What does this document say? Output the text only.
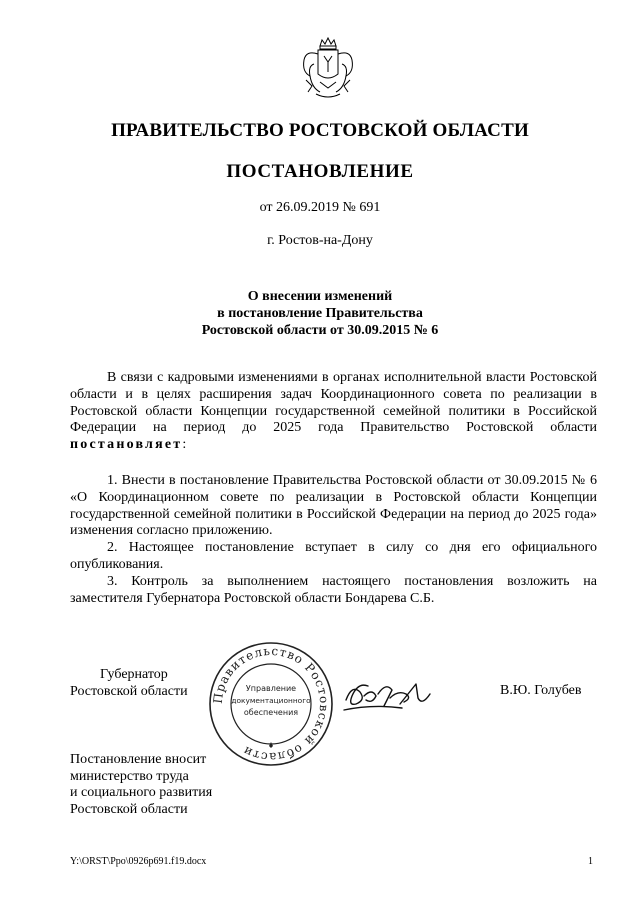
ПРАВИТЕЛЬСТВО РОСТОВСКОЙ ОБЛАСТИ
ПОСТАНОВЛЕНИЕ
от 26.09.2019 № 691
г. Ростов-на-Дону
О внесении изменений
в постановление Правительства
Ростовской области от 30.09.2015 № 6

В связи с кадровыми изменениями в органах исполнительной власти Ростовской области и в целях расширения задач Координационного совета по реализации в Ростовской области Концепции государственной семейной политики в Российской Федерации на период до 2025 года Правительство Ростовской области постановляет:

1. Внести в постановление Правительства Ростовской области от 30.09.2015 № 6 «О Координационном совете по реализации в Ростовской области Концепции государственной семейной политики в Российской Федерации на период до 2025 года» изменения согласно приложению.

2. Настоящее постановление вступает в силу со дня его официального опубликования.

3. Контроль за выполнением настоящего постановления возложить на заместителя Губернатора Ростовской области Бондарева С.Б.

Губернатор
Ростовской области	Правительство Ростовской области
Управление
документационного
обеспечения
В.Ю. Голубев
Постановление вносит
министерство труда
и социального развития
Ростовской области
Y:\ORST\Ppo\0926p691.f19.docx	1
